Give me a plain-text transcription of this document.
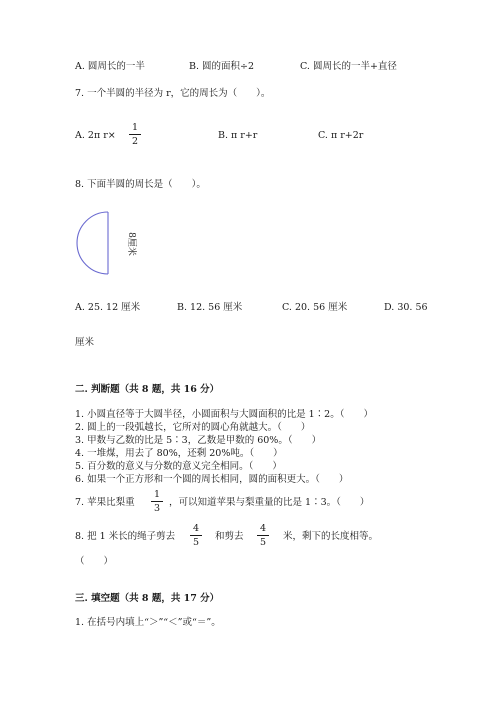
A. 圆周长的一半	B. 圆的面积÷2	C. 圆周长的一半+直径
7. 一个半圆的半径为 r，它的周长为（　　）。
A. 2π r×
1
2
B. π r+r	C. π r+2r
8. 下面半圆的周长是（　　）。
8厘米
A. 25. 12 厘米	B. 12. 56 厘米	C. 20. 56 厘米	D. 30. 56
厘米
二. 判断题（共 8 题，共 16 分）
1. 小圆直径等于大圆半径，小圆面积与大圆面积的比是 1∶2。（　　）
2. 圆上的一段弧越长，它所对的圆心角就越大。（　　）
3. 甲数与乙数的比是 5∶3，乙数是甲数的 60%。（　　）
4. 一堆煤，用去了 80%，还剩 20%吨。（　　）
5. 百分数的意义与分数的意义完全相同。（　　）
6. 如果一个正方形和一个圆的周长相同，圆的面积更大。（　　）
7. 苹果比梨重
1
3
，可以知道苹果与梨重量的比是 1∶3。（　　）
8. 把 1 米长的绳子剪去
4
5
和剪去
4
5
米，剩下的长度相等。
（　　）
三. 填空题（共 8 题，共 17 分）
1. 在括号内填上“＞”“＜”或“＝”。
